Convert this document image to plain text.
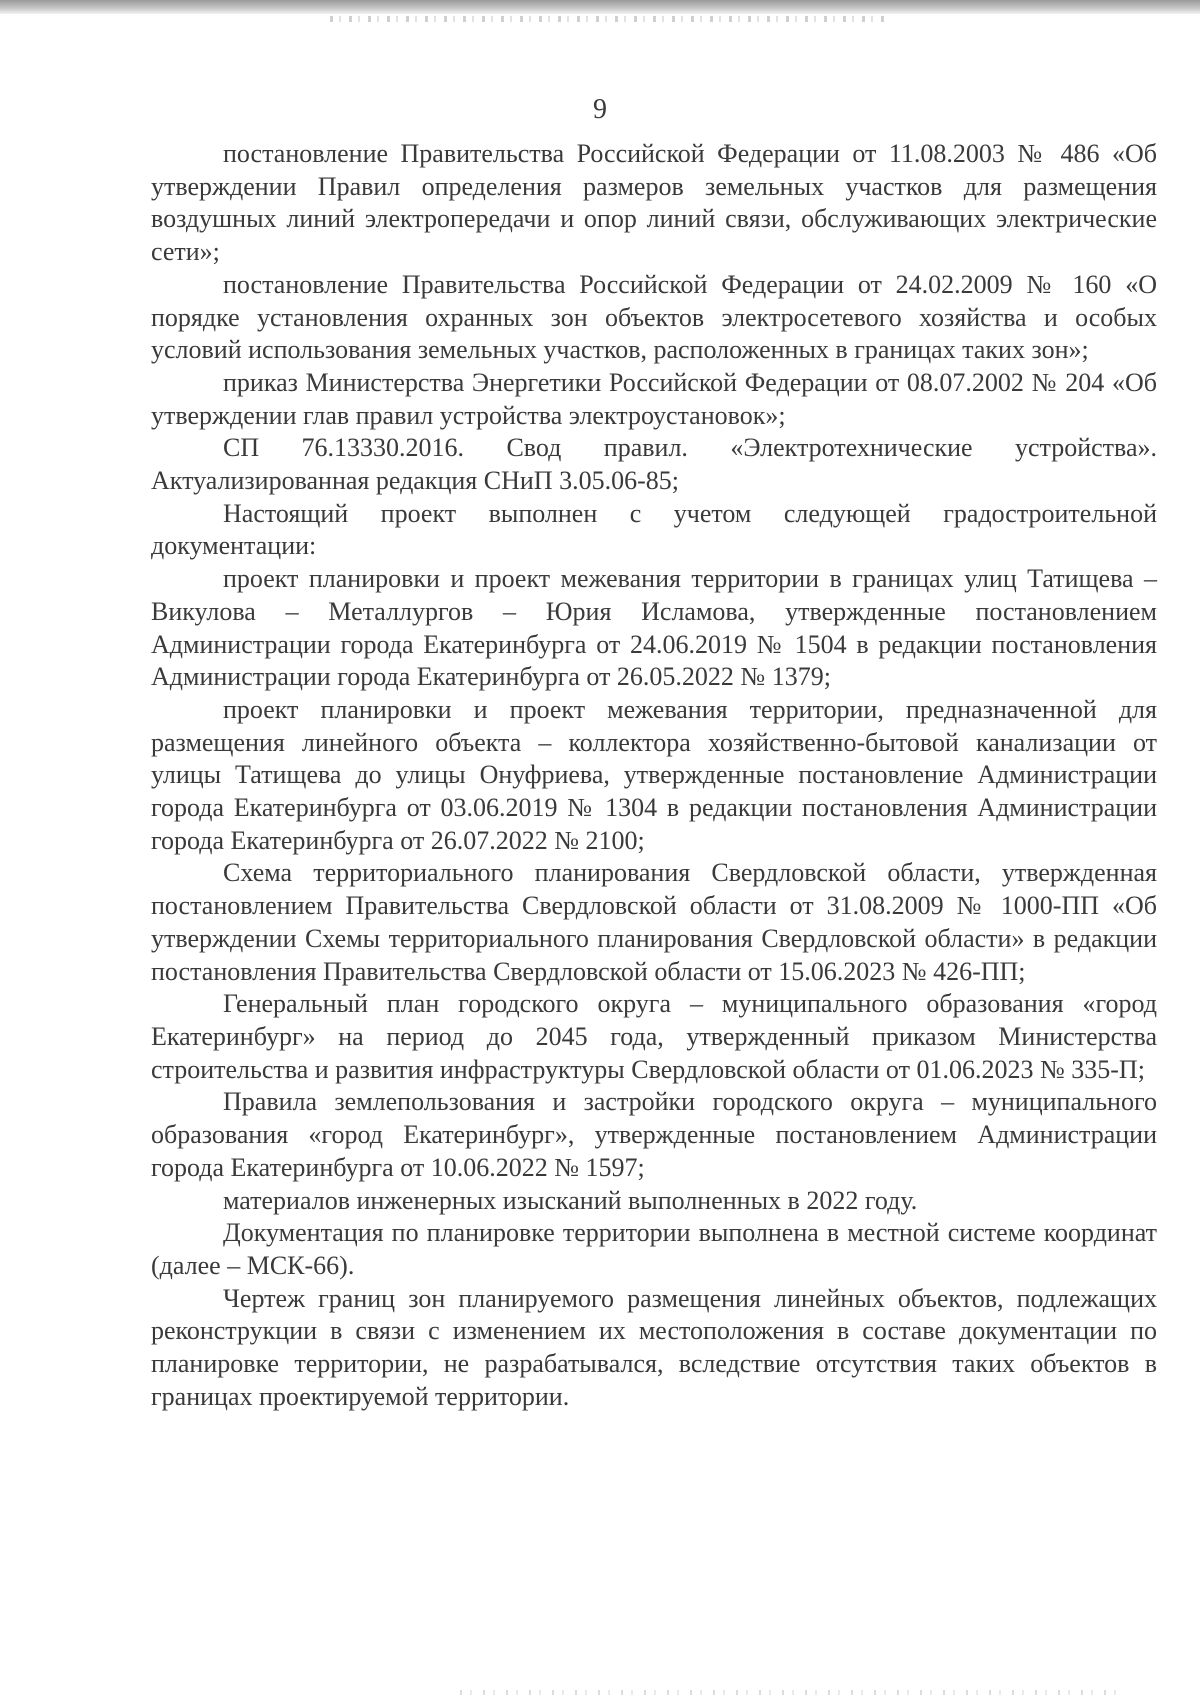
9

постановление Правительства Российской Федерации от 11.08.2003 № 486 «Об утверждении Правил определения размеров земельных участков для размещения воздушных линий электропередачи и опор линий связи, обслуживающих электрические сети»;

постановление Правительства Российской Федерации от 24.02.2009 № 160 «О порядке установления охранных зон объектов электросетевого хозяйства и особых условий использования земельных участков, расположенных в границах таких зон»;

приказ Министерства Энергетики Российской Федерации от 08.07.2002 № 204 «Об утверждении глав правил устройства электроустановок»;

СП 76.13330.2016. Свод правил. «Электротехнические устройства». Актуализированная редакция СНиП 3.05.06-85;

Настоящий проект выполнен с учетом следующей градостроительной документации:

проект планировки и проект межевания территории в границах улиц Татищева – Викулова – Металлургов – Юрия Исламова, утвержденные постановлением Администрации города Екатеринбурга от 24.06.2019 № 1504 в редакции постановления Администрации города Екатеринбурга от 26.05.2022 № 1379;

проект планировки и проект межевания территории, предназначенной для размещения линейного объекта – коллектора хозяйственно-бытовой канализации от улицы Татищева до улицы Онуфриева, утвержденные постановление Администрации города Екатеринбурга от 03.06.2019 № 1304 в редакции постановления Администрации города Екатеринбурга от 26.07.2022 № 2100;

Схема территориального планирования Свердловской области, утвержденная постановлением Правительства Свердловской области от 31.08.2009 № 1000-ПП «Об утверждении Схемы территориального планирования Свердловской области» в редакции постановления Правительства Свердловской области от 15.06.2023 № 426-ПП;

Генеральный план городского округа – муниципального образования «город Екатеринбург» на период до 2045 года, утвержденный приказом Министерства строительства и развития инфраструктуры Свердловской области от 01.06.2023 № 335-П;

Правила землепользования и застройки городского округа – муниципального образования «город Екатеринбург», утвержденные постановлением Администрации города Екатеринбурга от 10.06.2022 № 1597;

материалов инженерных изысканий выполненных в 2022 году.

Документация по планировке территории выполнена в местной системе координат (далее – МСК-66).

Чертеж границ зон планируемого размещения линейных объектов, подлежащих реконструкции в связи с изменением их местоположения в составе документации по планировке территории, не разрабатывался, вследствие отсутствия таких объектов в границах проектируемой территории.
